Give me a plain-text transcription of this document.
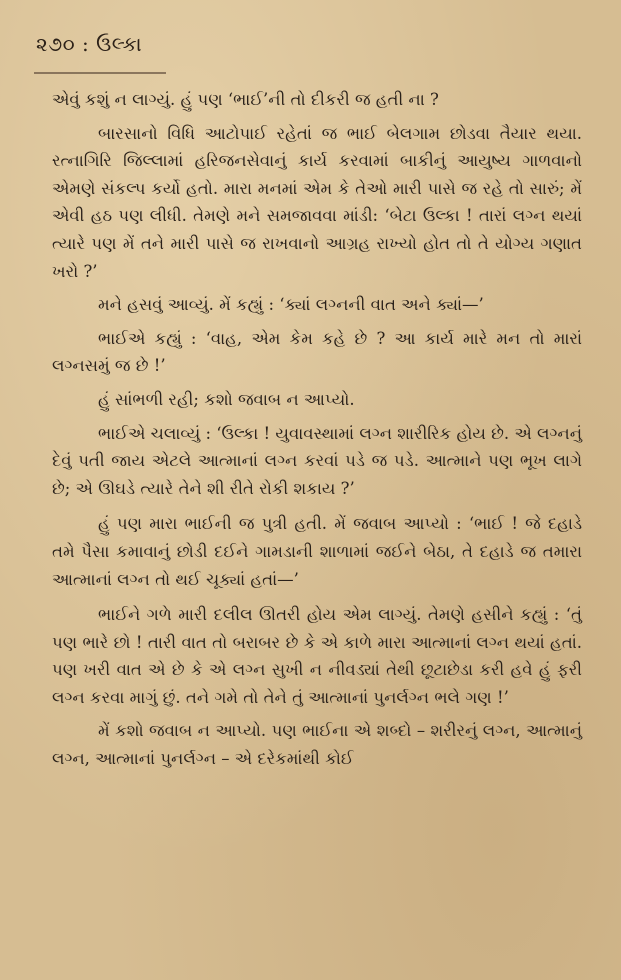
૨૭૦ : ઉલ્કા

એવું કશું ન લાગ્યું. હું પણ ‘ભાઈ’ની તો દીકરી જ હતી ના ?

બારસાનો વિધિ આટોપાઈ રહેતાં જ ભાઈ બેલગામ છોડવા તૈયાર થયા. રત્નાગિરિ જિલ્લામાં હરિજનસેવાનું કાર્ય કરવામાં બાકીનું આયુષ્ય ગાળવાનો એમણે સંકલ્પ કર્યો હતો. મારા મનમાં એમ કે તેઓ મારી પાસે જ રહે તો સારું; મેં એવી હઠ પણ લીધી. તેમણે મને સમજાવવા માંડી: ‘બેટા ઉલ્કા ! તારાં લગ્ન થયાં ત્યારે પણ મેં તને મારી પાસે જ રાખવાનો આગ્રહ રાખ્યો હોત તો તે યોગ્ય ગણાત ખરો ?’

મને હસવું આવ્યું. મેં કહ્યું : ‘ક્યાં લગ્નની વાત અને ક્યાં—’

ભાઈએ કહ્યું : ‘વાહ, એમ કેમ કહે છે ? આ કાર્ય મારે મન તો મારાં લગ્નસમું જ છે !’

હું સાંભળી રહી; કશો જવાબ ન આપ્યો.

ભાઈએ ચલાવ્યું : ‘ઉલ્કા ! યુવાવસ્થામાં લગ્ન શારીરિક હોય છે. એ લગ્નનું દેવું પતી જાય એટલે આત્માનાં લગ્ન કરવાં પડે જ પડે. આત્માને પણ ભૂખ લાગે છે; એ ઊઘડે ત્યારે તેને શી રીતે રોકી શકાય ?’

હું પણ મારા ભાઈની જ પુત્રી હતી. મેં જવાબ આપ્યો : ‘ભાઈ ! જે દહાડે તમે પૈસા કમાવાનું છોડી દઈને ગામડાની શાળામાં જઈને બેઠા, તે દહાડે જ તમારા આત્માનાં લગ્ન તો થઈ ચૂક્યાં હતાં—’

ભાઈને ગળે મારી દલીલ ઊતરી હોય એમ લાગ્યું. તેમણે હસીને કહ્યું : ‘તું પણ ભારે છો ! તારી વાત તો બરાબર છે કે એ કાળે મારા આત્માનાં લગ્ન થયાં હતાં. પણ ખરી વાત એ છે કે એ લગ્ન સુખી ન નીવડ્યાં તેથી છૂટાછેડા કરી હવે હું ફરી લગ્ન કરવા માગું છું. તને ગમે તો તેને તું આત્માનાં પુનર્લગ્ન ભલે ગણ !’

મેં કશો જવાબ ન આપ્યો. પણ ભાઈના એ શબ્દો – શરીરનું લગ્ન, આત્માનું લગ્ન, આત્માનાં પુનર્લગ્ન – એ દરેકમાંથી કોઈ
